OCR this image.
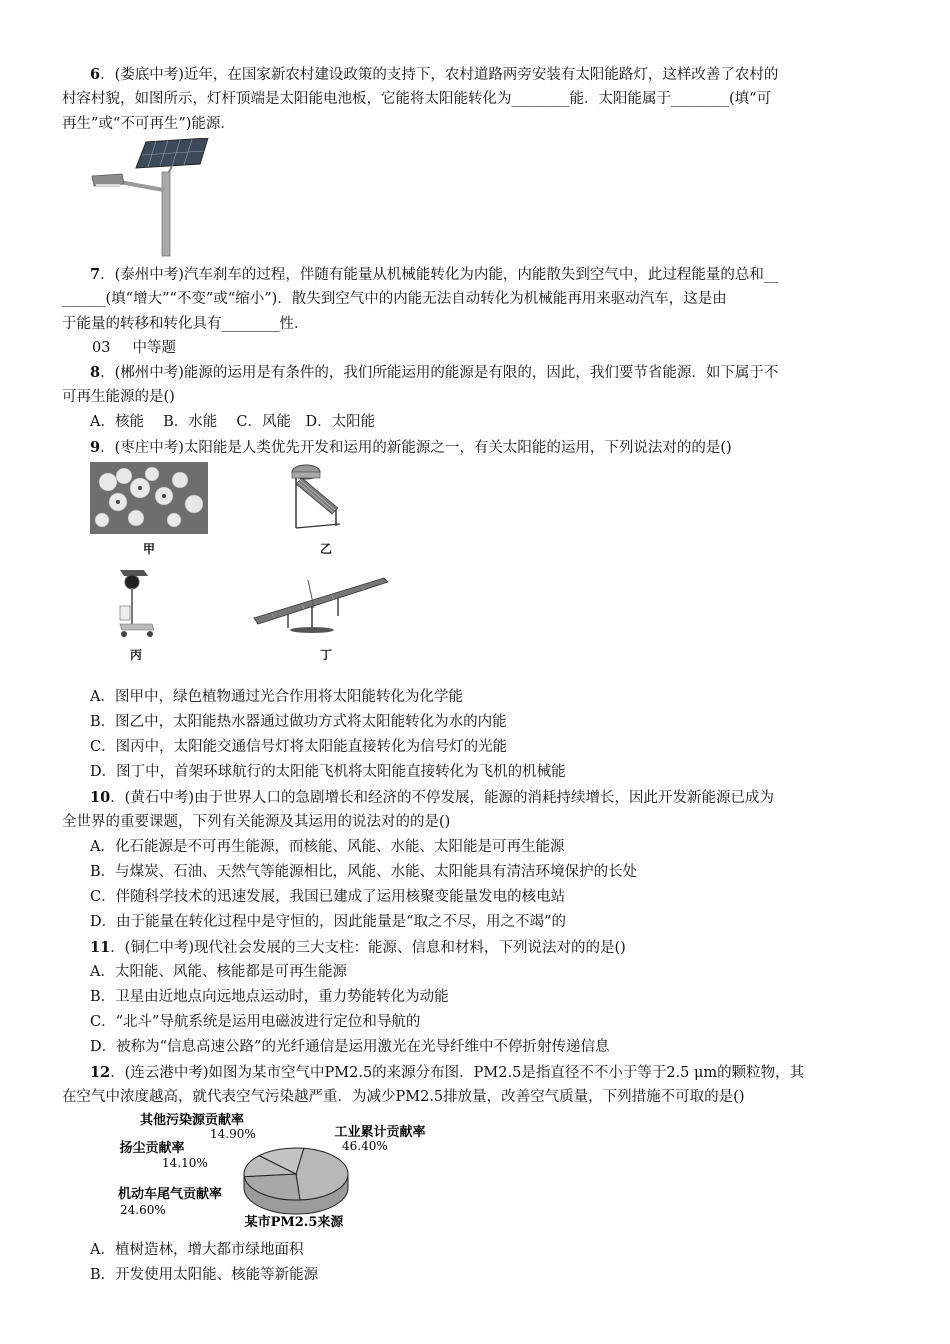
6．(娄底中考)近年，在国家新农村建设政策的支持下，农村道路两旁安装有太阳能路灯，这样改善了农村的
村容村貌，如图所示，灯杆顶端是太阳能电池板，它能将太阳能转化为________能．太阳能属于________(填“可
再生”或“不可再生”)能源．
7．(泰州中考)汽车刹车的过程，伴随有能量从机械能转化为内能，内能散失到空气中，此过程能量的总和__
______(填“增大”“不变”或“缩小”)．散失到空气中的内能无法自动转化为机械能再用来驱动汽车，这是由
于能量的转移和转化具有________性．
03 中等题
8．(郴州中考)能源的运用是有条件的，我们所能运用的能源是有限的，因此，我们要节省能源．如下属于不
可再生能源的是()
A．核能　 B．水能　 C．风能　D．太阳能
9．(枣庄中考)太阳能是人类优先开发和运用的新能源之一，有关太阳能的运用，下列说法对的的是()
甲	乙
丙	丁
A．图甲中，绿色植物通过光合作用将太阳能转化为化学能
B．图乙中，太阳能热水器通过做功方式将太阳能转化为水的内能
C．图丙中，太阳能交通信号灯将太阳能直接转化为信号灯的光能
D．图丁中，首架环球航行的太阳能飞机将太阳能直接转化为飞机的机械能
10．(黄石中考)由于世界人口的急剧增长和经济的不停发展，能源的消耗持续增长，因此开发新能源已成为
全世界的重要课题，下列有关能源及其运用的说法对的的是()
A．化石能源是不可再生能源，而核能、风能、水能、太阳能是可再生能源
B．与煤炭、石油、天然气等能源相比，风能、水能、太阳能具有清洁环境保护的长处
C．伴随科学技术的迅速发展，我国已建成了运用核聚变能量发电的核电站
D．由于能量在转化过程中是守恒的，因此能量是“取之不尽，用之不竭”的
11．(铜仁中考)现代社会发展的三大支柱：能源、信息和材料，下列说法对的的是()
A．太阳能、风能、核能都是可再生能源
B．卫星由近地点向远地点运动时，重力势能转化为动能
C．“北斗”导航系统是运用电磁波进行定位和导航的
D．被称为“信息高速公路”的光纤通信是运用激光在光导纤维中不停折射传递信息
12．(连云港中考)如图为某市空气中PM2.5的来源分布图．PM2.5是指直径不不小于等于2.5 μm的颗粒物，其
在空气中浓度越高，就代表空气污染越严重．为减少PM2.5排放量，改善空气质量，下列措施不可取的是()
其他污染源贡献率
14.90%	工业累计贡献率
46.40%
扬尘贡献率
14.10%
机动车尾气贡献率
24.60%
某市PM2.5来源
A．植树造林，增大都市绿地面积
B．开发使用太阳能、核能等新能源
